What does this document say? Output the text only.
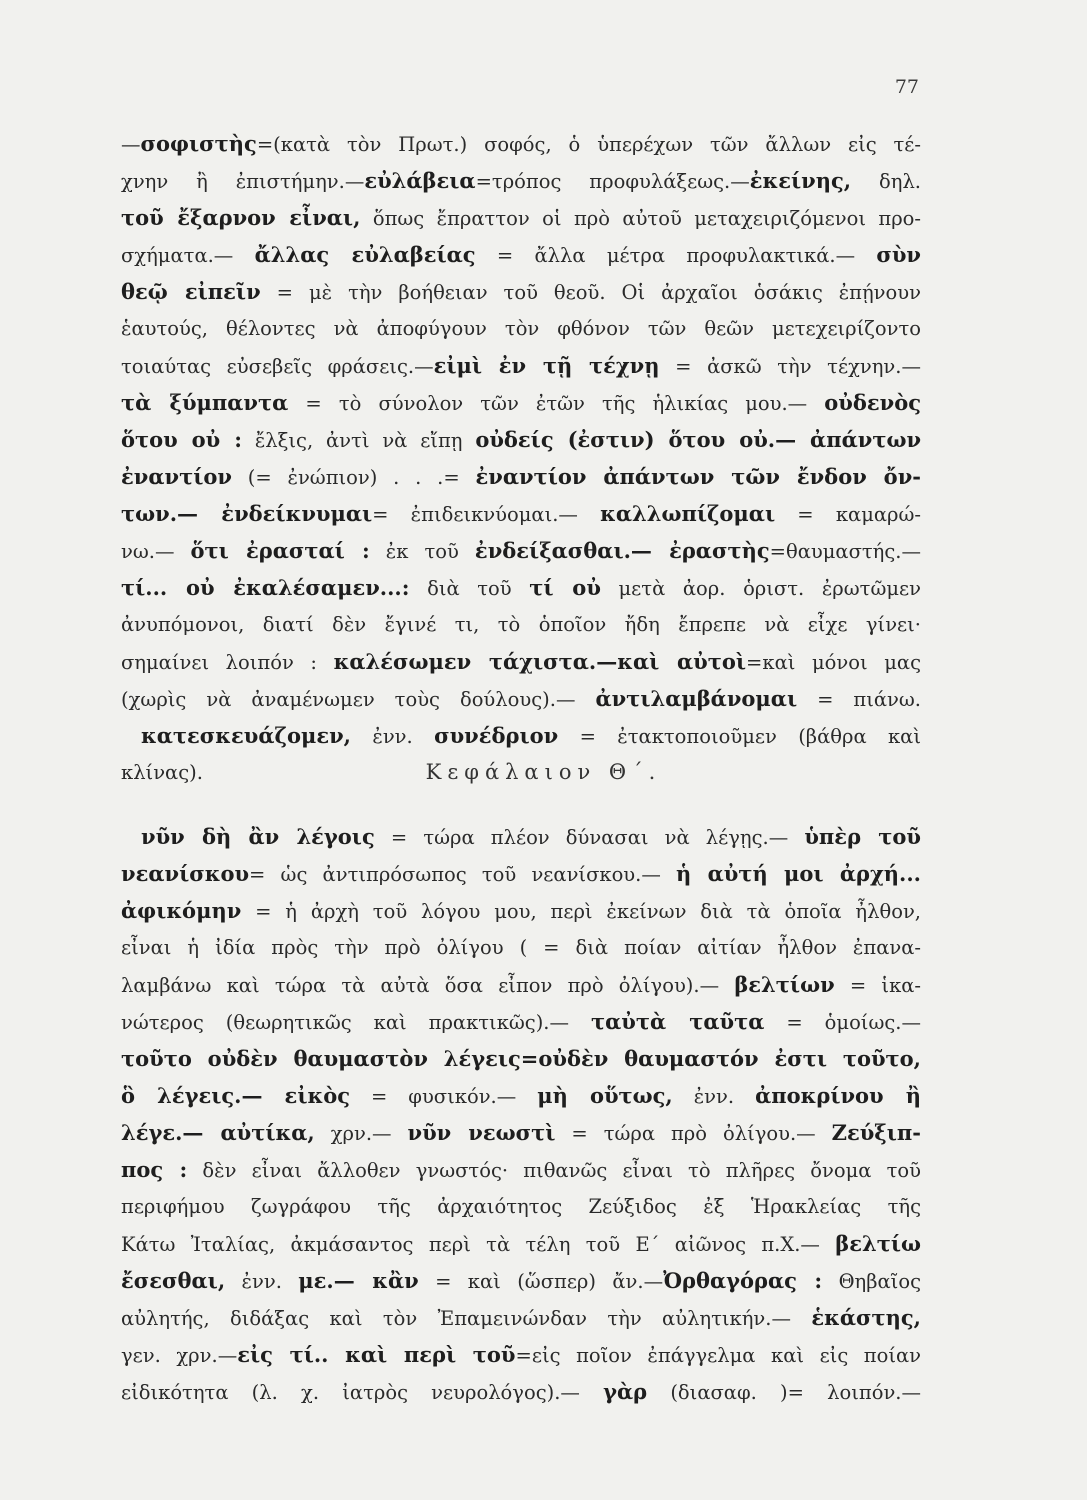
77
—σοφιστὴς=(κατὰ τὸν Πρωτ.) σοφός, ὁ ὑπερέχων τῶν ἄλλων εἰς τέ-
χνην ἢ ἐπιστήμην.—εὐλάβεια=τρόπος προφυλάξεως.—ἐκείνης, δηλ.
τοῦ ἔξαρνον εἶναι, ὅπως ἔπραττον οἱ πρὸ αὐτοῦ μεταχειριζόμενοι προ-
σχήματα.— ἄλλας εὐλαβείας = ἄλλα μέτρα προφυλακτικά.— σὺν
θεῷ εἰπεῖν = μὲ τὴν βοήθειαν τοῦ θεοῦ. Οἱ ἀρχαῖοι ὁσάκις ἐπῄνουν
ἑαυτούς, θέλοντες νὰ ἀποφύγουν τὸν φθόνον τῶν θεῶν μετεχειρίζοντο
τοιαύτας εὐσεβεῖς φράσεις.—εἰμὶ ἐν τῇ τέχνῃ = ἀσκῶ τὴν τέχνην.—
τὰ ξύμπαντα = τὸ σύνολον τῶν ἐτῶν τῆς ἡλικίας μου.— οὐδενὸς
ὅτου οὐ : ἔλξις, ἀντὶ νὰ εἴπῃ οὐδείς (ἐστιν) ὅτου οὐ.— ἀπάντων
ἐναντίον (= ἐνώπιον) . . .= ἐναντίον ἀπάντων τῶν ἔνδον ὄν-
των.— ἐνδείκνυμαι= ἐπιδεικνύομαι.— καλλωπίζομαι = καμαρώ-
νω.— ὅτι ἐρασταί : ἐκ τοῦ ἐνδείξασθαι.— ἐραστὴς=θαυμαστής.—
τί... οὐ ἐκαλέσαμεν...: διὰ τοῦ τί οὐ μετὰ ἀορ. ὁριστ. ἐρωτῶμεν
ἀνυπόμονοι, διατί δὲν ἔγινέ τι, τὸ ὁποῖον ἤδη ἔπρεπε νὰ εἶχε γίνει·
σημαίνει λοιπόν : καλέσωμεν τάχιστα.—καὶ αὐτοὶ=καὶ μόνοι μας
(χωρὶς νὰ ἀναμένωμεν τοὺς δούλους).— ἀντιλαμβάνομαι = πιάνω.
κατεσκευάζομεν, ἐνν. συνέδριον = ἐτακτοποιοῦμεν (βάθρα καὶ
κλίνας).	Κεφάλαιον Θ΄.
νῦν δὴ ἂν λέγοις = τώρα πλέον δύνασαι νὰ λέγῃς.— ὑπὲρ τοῦ
νεανίσκου= ὡς ἀντιπρόσωπος τοῦ νεανίσκου.— ἡ αὐτή μοι ἀρχή...
ἀφικόμην = ἡ ἀρχὴ τοῦ λόγου μου, περὶ ἐκείνων διὰ τὰ ὁποῖα ἦλθον,
εἶναι ἡ ἰδία πρὸς τὴν πρὸ ὀλίγου ( = διὰ ποίαν αἰτίαν ἦλθον ἐπανα-
λαμβάνω καὶ τώρα τὰ αὐτὰ ὅσα εἶπον πρὸ ὀλίγου).— βελτίων = ἱκα-
νώτερος (θεωρητικῶς καὶ πρακτικῶς).— ταὐτὰ ταῦτα = ὁμοίως.—
τοῦτο οὐδὲν θαυμαστὸν λέγεις=οὐδὲν θαυμαστόν ἐστι τοῦτο,
ὃ λέγεις.— εἰκὸς = φυσικόν.— μὴ οὕτως, ἐνν. ἀποκρίνου ἢ
λέγε.— αὐτίκα, χρν.— νῦν νεωστὶ = τώρα πρὸ ὀλίγου.— Ζεύξιπ-
πος : δὲν εἶναι ἄλλοθεν γνωστός· πιθανῶς εἶναι τὸ πλῆρες ὄνομα τοῦ
περιφήμου ζωγράφου τῆς ἀρχαιότητος Ζεύξιδος ἐξ Ἡρακλείας τῆς
Κάτω Ἰταλίας, ἀκμάσαντος περὶ τὰ τέλη τοῦ Ε΄ αἰῶνος π.Χ.— βελτίω
ἔσεσθαι, ἐνν. με.— κἂν = καὶ (ὥσπερ) ἄν.—Ὀρθαγόρας : Θηβαῖος
αὐλητής, διδάξας καὶ τὸν Ἐπαμεινώνδαν τὴν αὐλητικήν.— ἑκάστης,
γεν. χρν.—εἰς τί.. καὶ περὶ τοῦ=εἰς ποῖον ἐπάγγελμα καὶ εἰς ποίαν
εἰδικότητα (λ. χ. ἰατρὸς νευρολόγος).— γὰρ (διασαφ. )= λοιπόν.—
